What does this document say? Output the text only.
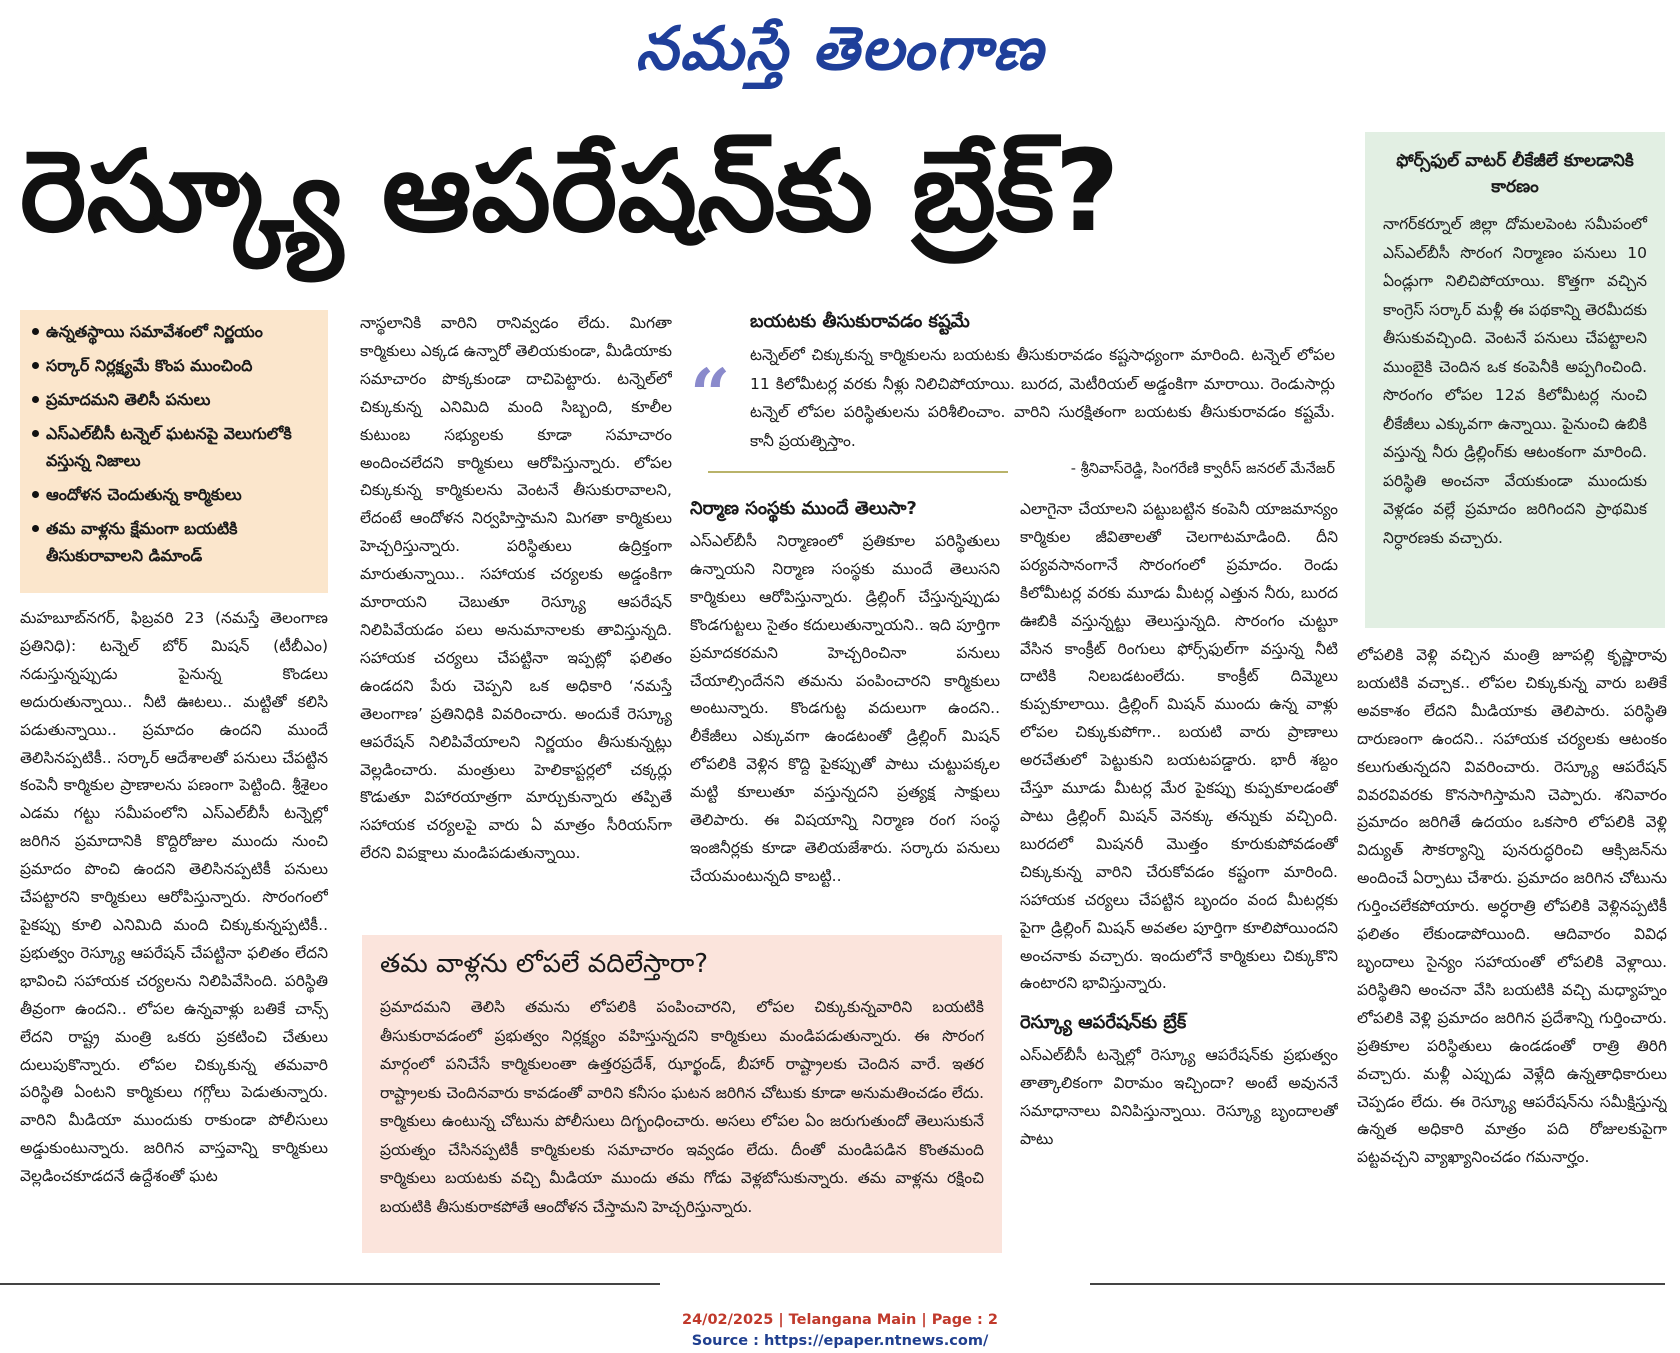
నమస్తే తెలంగాణ
రెస్క్యూ ఆపరేషన్‌కు బ్రేక్?	ఫోర్స్‌ఫుల్ వాటర్ లీకేజీలే కూలడానికి కారణం

నాగర్‌కర్నూల్ జిల్లా దోమలపెంట సమీపంలో ఎస్‌ఎల్‌బీసీ సొరంగ నిర్మాణం పనులు 10 ఏండ్లుగా నిలిచిపోయాయి. కొత్తగా వచ్చిన కాంగ్రెస్ సర్కార్ మళ్లీ ఈ పథకాన్ని తెరమీదకు తీసుకువచ్చింది. వెంటనే పనులు చేపట్టాలని ముంబైకి చెందిన ఒక కంపెనీకి అప్పగించింది. సొరంగం లోపల 12వ కిలోమీటర్ల నుంచి లీకేజీలు ఎక్కువగా ఉన్నాయి. పైనుంచి ఉబికి వస్తున్న నీరు డ్రిల్లింగ్‌కు ఆటంకంగా మారింది. పరిస్థితి అంచనా వేయకుండా ముందుకు వెళ్లడం వల్లే ప్రమాదం జరిగిందని ప్రాథమిక నిర్ధారణకు వచ్చారు.

ఉన్నతస్థాయి సమావేశంలో నిర్ణయం
సర్కార్ నిర్లక్ష్యమే కొంప ముంచింది
ప్రమాదమని తెలిసీ పనులు
ఎస్‌ఎల్‌బీసీ టన్నెల్ ఘటనపై వెలుగులోకి వస్తున్న నిజాలు
ఆందోళన చెందుతున్న కార్మికులు
తమ వాళ్లను క్షేమంగా బయటికి తీసుకురావాలని డిమాండ్

మహబూబ్‌నగర్, ఫిబ్రవరి 23 (నమస్తే తెలంగాణ ప్రతినిధి): టన్నెల్ బోర్ మిషన్ (టీబీఎం) నడుస్తున్నప్పుడు పైనున్న కొండలు అదురుతున్నాయి.. నీటి ఊటలు.. మట్టితో కలిసి పడుతున్నాయి.. ప్రమాదం ఉందని ముందే తెలిసినప్పటికీ.. సర్కార్ ఆదేశాలతో పనులు చేపట్టిన కంపెనీ కార్మికుల ప్రాణాలను పణంగా పెట్టింది. శ్రీశైలం ఎడమ గట్టు సమీపంలోని ఎస్‌ఎల్‌బీసీ టన్నెల్లో జరిగిన ప్రమాదానికి కొద్దిరోజుల ముందు నుంచి ప్రమాదం పొంచి ఉందని తెలిసినప్పటికీ పనులు చేపట్టారని కార్మికులు ఆరోపిస్తున్నారు. సొరంగంలో పైకప్పు కూలి ఎనిమిది మంది చిక్కుకున్నప్పటికీ.. ప్రభుత్వం రెస్క్యూ ఆపరేషన్ చేపట్టినా ఫలితం లేదని భావించి సహాయక చర్యలను నిలిపివేసింది. పరిస్థితి తీవ్రంగా ఉందని.. లోపల ఉన్నవాళ్లు బతికే చాన్స్ లేదని రాష్ట్ర మంత్రి ఒకరు ప్రకటించి చేతులు దులుపుకొన్నారు. లోపల చిక్కుకున్న తమవారి పరిస్థితి ఏంటని కార్మికులు గగ్గోలు పెడుతున్నారు. వారిని మీడియా ముందుకు రాకుండా పోలీసులు అడ్డుకుంటున్నారు. జరిగిన వాస్తవాన్ని కార్మికులు వెల్లడించకూడదనే ఉద్దేశంతో ఘట

నాస్థలానికి వారిని రానివ్వడం లేదు. మిగతా కార్మికులు ఎక్కడ ఉన్నారో తెలియకుండా, మీడియాకు సమాచారం పొక్కకుండా దాచిపెట్టారు. టన్నెల్‌లో చిక్కుకున్న ఎనిమిది మంది సిబ్బంది, కూలీల కుటుంబ సభ్యులకు కూడా సమాచారం అందించలేదని కార్మికులు ఆరోపిస్తున్నారు. లోపల చిక్కుకున్న కార్మికులను వెంటనే తీసుకురావాలని, లేదంటే ఆందోళన నిర్వహిస్తామని మిగతా కార్మికులు హెచ్చరిస్తున్నారు. పరిస్థితులు ఉద్రిక్తంగా మారుతున్నాయి.. సహాయక చర్యలకు అడ్డంకిగా మారాయని చెబుతూ రెస్క్యూ ఆపరేషన్ నిలిపివేయడం పలు అనుమానాలకు తావిస్తున్నది. సహాయక చర్యలు చేపట్టినా ఇప్పట్లో ఫలితం ఉండదని పేరు చెప్పని ఒక అధికారి ‘నమస్తే తెలంగాణ’ ప్రతినిధికి వివరించారు. అందుకే రెస్క్యూ ఆపరేషన్ నిలిపివేయాలని నిర్ణయం తీసుకున్నట్లు వెల్లడించారు. మంత్రులు హెలికాప్టర్లలో చక్కర్లు కొడుతూ విహారయాత్రగా మార్చుకున్నారు తప్పితే సహాయక చర్యలపై వారు ఏ మాత్రం సీరియస్‌గా లేరని విపక్షాలు మండిపడుతున్నాయి.

“
బయటకు తీసుకురావడం కష్టమే
టన్నెల్‌లో చిక్కుకున్న కార్మికులను బయటకు తీసుకురావడం కష్టసాధ్యంగా మారింది. టన్నెల్ లోపల 11 కిలోమీటర్ల వరకు నీళ్లు నిలిచిపోయాయి. బురద, మెటీరియల్ అడ్డంకిగా మారాయి. రెండుసార్లు టన్నెల్ లోపల పరిస్థితులను పరిశీలించాం. వారిని సురక్షితంగా బయటకు తీసుకురావడం కష్టమే. కానీ ప్రయత్నిస్తాం.
- శ్రీనివాస్‌రెడ్డి, సింగరేణి క్వారీస్ జనరల్ మేనేజర్
నిర్మాణ సంస్థకు ముందే తెలుసా?

ఎస్‌ఎల్‌బీసీ నిర్మాణంలో ప్రతికూల పరిస్థితులు ఉన్నాయని నిర్మాణ సంస్థకు ముందే తెలుసని కార్మికులు ఆరోపిస్తున్నారు. డ్రిల్లింగ్ చేస్తున్నప్పుడు కొండగుట్టలు సైతం కదులుతున్నాయని.. ఇది పూర్తిగా ప్రమాదకరమని హెచ్చరించినా పనులు చేయాల్సిందేనని తమను పంపించారని కార్మికులు అంటున్నారు. కొండగుట్ట వదులుగా ఉందని.. లీకేజీలు ఎక్కువగా ఉండటంతో డ్రిల్లింగ్ మిషన్ లోపలికి వెళ్లిన కొద్ది పైకప్పుతో పాటు చుట్టుపక్కల మట్టి కూలుతూ వస్తున్నదని ప్రత్యక్ష సాక్షులు తెలిపారు. ఈ విషయాన్ని నిర్మాణ రంగ సంస్థ ఇంజినీర్లకు కూడా తెలియజేశారు. సర్కారు పనులు చేయమంటున్నది కాబట్టి..

ఎలాగైనా చేయాలని పట్టుబట్టిన కంపెనీ యాజమాన్యం కార్మికుల జీవితాలతో చెలగాటమాడింది. దీని పర్యవసానంగానే సొరంగంలో ప్రమాదం. రెండు కిలోమీటర్ల వరకు మూడు మీటర్ల ఎత్తున నీరు, బురద ఊబికి వస్తున్నట్టు తెలుస్తున్నది. సొరంగం చుట్టూ వేసిన కాంక్రీట్ రింగులు ఫోర్స్‌ఫుల్‌గా వస్తున్న నీటి దాటికి నిలబడటంలేదు. కాంక్రీట్ దిమ్మెలు కుప్పకూలాయి. డ్రిల్లింగ్ మిషన్ ముందు ఉన్న వాళ్లు లోపల చిక్కుకుపోగా.. బయటి వారు ప్రాణాలు అరచేతులో పెట్టుకుని బయటపడ్డారు. భారీ శబ్దం చేస్తూ మూడు మీటర్ల మేర పైకప్పు కుప్పకూలడంతో పాటు డ్రిల్లింగ్ మిషన్ వెనక్కు తన్నుకు వచ్చింది. బురదలో మిషనరీ మొత్తం కూరుకుపోవడంతో చిక్కుకున్న వారిని చేరుకోవడం కష్టంగా మారింది. సహాయక చర్యలు చేపట్టిన బృందం వంద మీటర్లకు పైగా డ్రిల్లింగ్ మిషన్ అవతల పూర్తిగా కూలిపోయిందని అంచనాకు వచ్చారు. ఇందులోనే కార్మికులు చిక్కుకొని ఉంటారని భావిస్తున్నారు.

రెస్క్యూ ఆపరేషన్‌కు బ్రేక్

ఎస్‌ఎల్‌బీసీ టన్నెల్లో రెస్క్యూ ఆపరేషన్‌కు ప్రభుత్వం తాత్కాలికంగా విరామం ఇచ్చిందా? అంటే అవుననే సమాధానాలు వినిపిస్తున్నాయి. రెస్క్యూ బృందాలతో పాటు

లోపలికి వెళ్లి వచ్చిన మంత్రి జూపల్లి కృష్ణారావు బయటికి వచ్చాక.. లోపల చిక్కుకున్న వారు బతికే అవకాశం లేదని మీడియాకు తెలిపారు. పరిస్థితి దారుణంగా ఉందని.. సహాయక చర్యలకు ఆటంకం కలుగుతున్నదని వివరించారు. రెస్క్యూ ఆపరేషన్ వివరవివరకు కొనసాగిస్తామని చెప్పారు. శనివారం ప్రమాదం జరిగితే ఉదయం ఒకసారి లోపలికి వెళ్లి విద్యుత్ సౌకర్యాన్ని పునరుద్ధరించి ఆక్సిజన్‌ను అందించే ఏర్పాటు చేశారు. ప్రమాదం జరిగిన చోటును గుర్తించలేకపోయారు. అర్ధరాత్రి లోపలికి వెళ్లినప్పటికీ ఫలితం లేకుండాపోయింది. ఆదివారం వివిధ బృందాలు సైన్యం సహాయంతో లోపలికి వెళ్లాయి. పరిస్థితిని అంచనా వేసి బయటికి వచ్చి మధ్యాహ్నం లోపలికి వెళ్లి ప్రమాదం జరిగిన ప్రదేశాన్ని గుర్తించారు. ప్రతికూల పరిస్థితులు ఉండడంతో రాత్రి తిరిగి వచ్చారు. మళ్లీ ఎప్పుడు వెళ్లేది ఉన్నతాధికారులు చెప్పడం లేదు. ఈ రెస్క్యూ ఆపరేషన్‌ను సమీక్షిస్తున్న ఉన్నత అధికారి మాత్రం పది రోజులకుపైగా పట్టవచ్చని వ్యాఖ్యానించడం గమనార్హం.

తమ వాళ్లను లోపలే వదిలేస్తారా?

ప్రమాదమని తెలిసి తమను లోపలికి పంపించారని, లోపల చిక్కుకున్నవారిని బయటికి తీసుకురావడంలో ప్రభుత్వం నిర్లక్ష్యం వహిస్తున్నదని కార్మికులు మండిపడుతున్నారు. ఈ సొరంగ మార్గంలో పనిచేసే కార్మికులంతా ఉత్తరప్రదేశ్, ఝార్ఖండ్, బీహార్ రాష్ట్రాలకు చెందిన వారే. ఇతర రాష్ట్రాలకు చెందినవారు కావడంతో వారిని కనీసం ఘటన జరిగిన చోటుకు కూడా అనుమతించడం లేదు. కార్మికులు ఉంటున్న చోటును పోలీసులు దిగ్బంధించారు. అసలు లోపల ఏం జరుగుతుందో తెలుసుకునే ప్రయత్నం చేసినప్పటికీ కార్మికులకు సమాచారం ఇవ్వడం లేదు. దీంతో మండిపడిన కొంతమంది కార్మికులు బయటకు వచ్చి మీడియా ముందు తమ గోడు వెళ్లబోసుకున్నారు. తమ వాళ్లను రక్షించి బయటికి తీసుకురాకపోతే ఆందోళన చేస్తామని హెచ్చరిస్తున్నారు.

24/02/2025 | Telangana Main | Page : 2
Source : https://epaper.ntnews.com/
